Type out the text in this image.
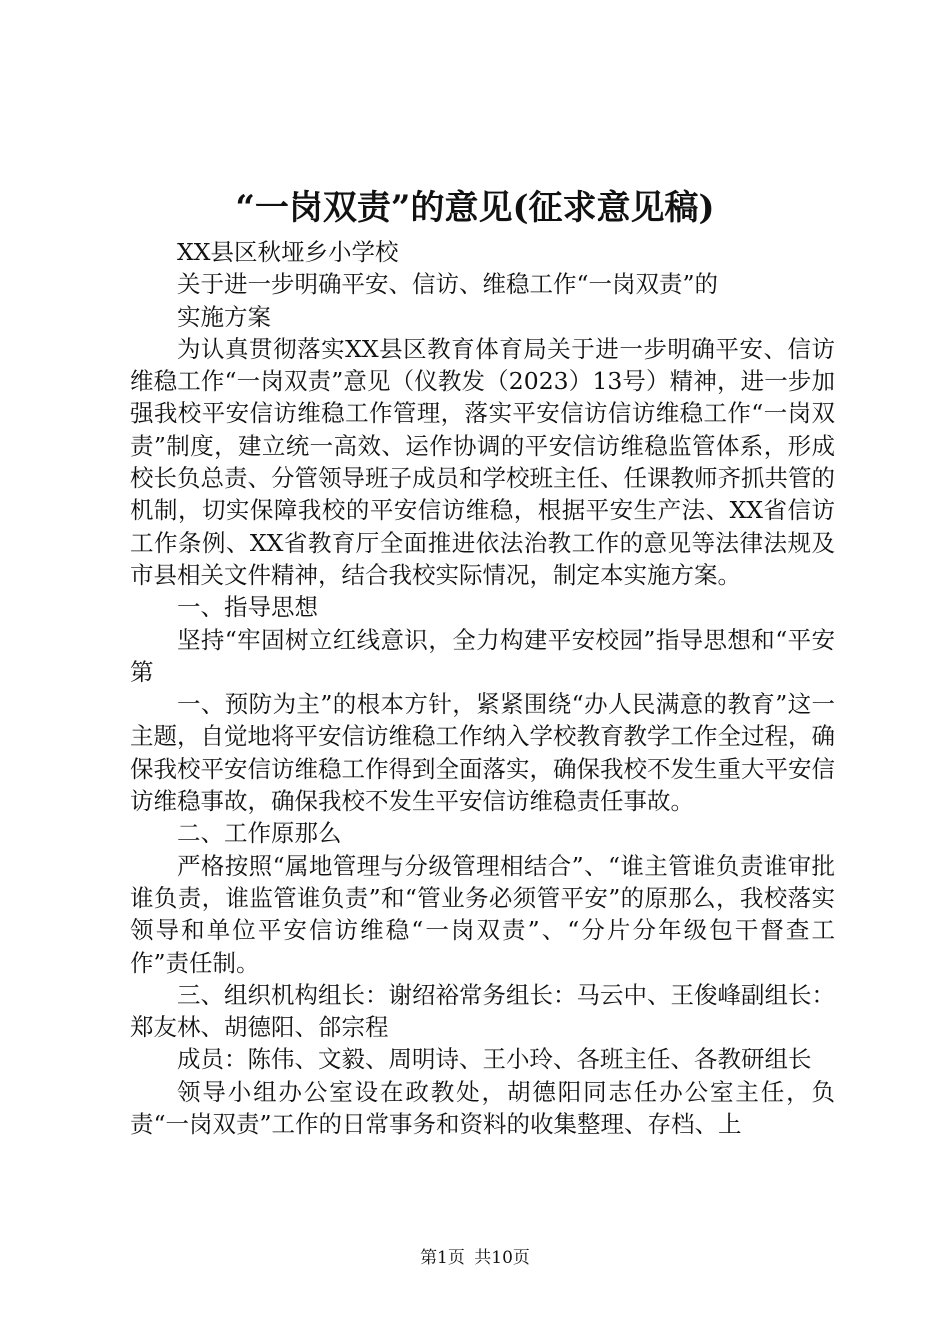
“一岗双责”的意见(征求意见稿)

XX县区秋垭乡小学校

关于进一步明确平安、信访、维稳工作“一岗双责”的

实施方案

为认真贯彻落实XX县区教育体育局关于进一步明确平安、信访维稳工作“一岗双责”意见（仪教发（2023）13号）精神，进一步加强我校平安信访维稳工作管理，落实平安信访信访维稳工作“一岗双责”制度，建立统一高效、运作协调的平安信访维稳监管体系，形成校长负总责、分管领导班子成员和学校班主任、任课教师齐抓共管的机制，切实保障我校的平安信访维稳，根据平安生产法、XX省信访工作条例、XX省教育厅全面推进依法治教工作的意见等法律法规及市县相关文件精神，结合我校实际情况，制定本实施方案。

一、指导思想

坚持“牢固树立红线意识，全力构建平安校园”指导思想和“平安第

一、预防为主”的根本方针，紧紧围绕“办人民满意的教育”这一主题，自觉地将平安信访维稳工作纳入学校教育教学工作全过程，确保我校平安信访维稳工作得到全面落实，确保我校不发生重大平安信访维稳事故，确保我校不发生平安信访维稳责任事故。

二、工作原那么

严格按照“属地管理与分级管理相结合”、“谁主管谁负责谁审批谁负责，谁监管谁负责”和“管业务必须管平安”的原那么，我校落实领导和单位平安信访维稳“一岗双责”、“分片分年级包干督查工作”责任制。

三、组织机构组长：谢绍裕常务组长：马云中、王俊峰副组长：郑友林、胡德阳、郃宗程

成员：陈伟、文毅、周明诗、王小玲、各班主任、各教研组长

领导小组办公室设在政教处，胡德阳同志任办公室主任，负责“一岗双责”工作的日常事务和资料的收集整理、存档、上

第1页 共10页
